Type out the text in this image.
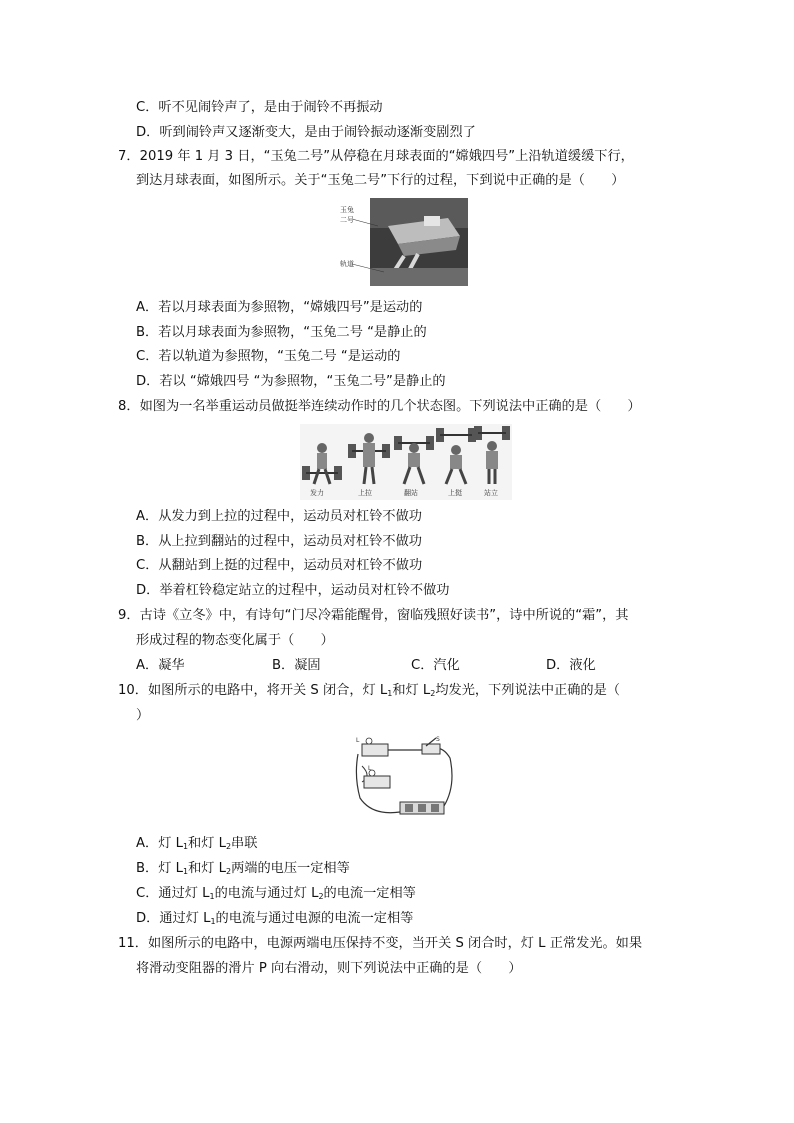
C．听不见闹铃声了，是由于闹铃不再振动
D．听到闹铃声又逐渐变大，是由于闹铃振动逐渐变剧烈了
7．2019 年 1 月 3 日，“玉兔二号”从停稳在月球表面的“嫦娥四号”上沿轨道缓缓下行，
到达月球表面，如图所示。关于“玉兔二号”下行的过程，下到说中正确的是（　　）
玉兔
二号
轨道
A．若以月球表面为参照物，“嫦娥四号”是运动的
B．若以月球表面为参照物，“玉兔二号 “是静止的
C．若以轨道为参照物，“玉兔二号 “是运动的
D．若以 “嫦娥四号 “为参照物，“玉兔二号”是静止的
8．如图为一名举重运动员做挺举连续动作时的几个状态图。下列说法中正确的是（　　）
发力	上拉	翻站	上挺	站立
A．从发力到上拉的过程中，运动员对杠铃不做功
B．从上拉到翻站的过程中，运动员对杠铃不做功
C．从翻站到上挺的过程中，运动员对杠铃不做功
D．举着杠铃稳定站立的过程中，运动员对杠铃不做功
9．古诗《立冬》中，有诗句“门尽冷霜能醒骨，窗临残照好读书”，诗中所说的“霜”，其
形成过程的物态变化属于（　　）
A．凝华	B．凝固	C．汽化	D．液化
10．如图所示的电路中，将开关 S 闭合，灯 $L_1$和灯 $L_2$均发光，下列说法中正确的是（
）
L
L
S
A．灯 $L_1$和灯 $L_2$串联
B．灯 $L_1$和灯 $L_2$两端的电压一定相等
C．通过灯 $L_1$的电流与通过灯 $L_2$的电流一定相等
D．通过灯 $L_1$的电流与通过电源的电流一定相等
11．如图所示的电路中，电源两端电压保持不变，当开关 S 闭合时，灯 L 正常发光。如果
将滑动变阻器的滑片 P 向右滑动，则下列说法中正确的是（　　）
